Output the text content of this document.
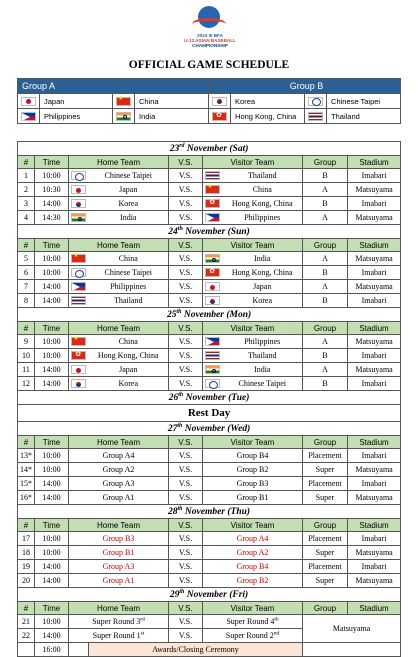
2024 III BFA
U-12 ASIAN BASEBALL
CHAMPIONSHIP
OFFICIAL GAME SCHEDULE
Group A				Group B			
	Japan	★	China		Korea		Chinese Taipei
	Philippines		India	✿	Hong Kong, China		Thailand
23rd November (Sat)								
#	Time	Home Team		V.S.	Visitor Team		Group	Stadium
1	10:00		Chinese Taipei	V.S.		Thailand	B	Imabari
2	10:30		Japan	V.S.	★	China	A	Matsuyama
3	14:00		Korea	V.S.	✿	Hong Kong, China	B	Imabari
4	14:30		India	V.S.		Philippines	A	Matsuyama
24th November (Sun)								
#	Time	Home Team		V.S.	Visitor Team		Group	Stadium
5	10:00	★	China	V.S.		India	A	Matsuyama
6	10:00		Chinese Taipei	V.S.	✿	Hong Kong, China	B	Imabari
7	14:00		Philippines	V.S.		Japan	A	Matsuyama
8	14:00		Thailand	V.S.		Korea	B	Imabari
25th November (Mon)								
#	Time	Home Team		V.S.	Visitor Team		Group	Stadium
9	10:00	★	China	V.S.		Philippines	A	Matsuyama
10	10:00	✿	Hong Kong, China	V.S.		Thailand	B	Imabari
11	14:00		Japan	V.S.		India	A	Matsuyama
12	14:00		Korea	V.S.		Chinese Taipei	B	Imabari
26th November (Tue)								
Rest Day								
27th November (Wed)								
#	Time	Home Team		V.S.	Visitor Team		Group	Stadium
13*	10:00	Group A4		V.S.	Group B4		Placement	Imabari
14*	10:00	Group A2		V.S.	Group B2		Super	Matsuyama
15*	14:00	Group A3		V.S.	Group B3		Placement	Imabari
16*	14:00	Group A1		V.S.	Group B1		Super	Matsuyama
28th November (Thu)								
#	Time	Home Team		V.S.	Visitor Team		Group	Stadium
17	10:00	Group B3		V.S.	Group A4		Placement	Imabari
18	10:00	Group B1		V.S.	Group A2		Super	Matsuyama
19	14:00	Group A3		V.S.	Group B4		Placement	Imabari
20	14:00	Group A1		V.S.	Group B2		Super	Matsuyama
29th November (Fri)								
#	Time	Home Team		V.S.	Visitor Team		Group	Stadium
21	10:00	Super Round 3rd		V.S.	Super Round 4th		Matsuyama	
22	14:00	Super Round 1st		V.S.	Super Round 2nd
	16:00		Awards/Closing Ceremony					
